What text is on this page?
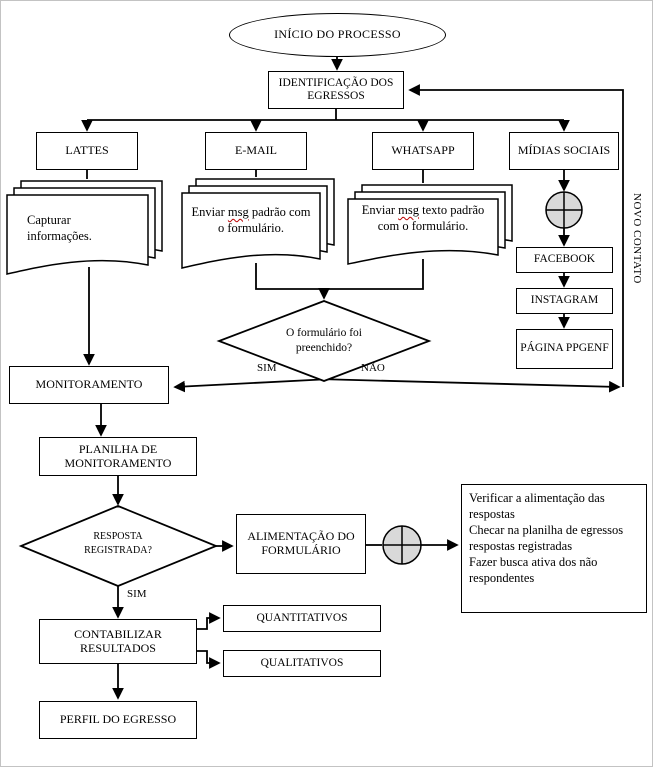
INÍCIO DO PROCESSO
IDENTIFICAÇÃO DOS EGRESSOS
LATTES	E-MAIL	WHATSAPP	MÍDIAS SOCIAIS
Capturar informações.
Enviar msg padrão com o formulário.
Enviar msg texto padrão com o formulário.
FACEBOOK
INSTAGRAM
PÁGINA PPGENF
O formulário foi preenchido?
SIM	NÃO
MONITORAMENTO
PLANILHA DE MONITORAMENTO
RESPOSTA REGISTRADA?
SIM
ALIMENTAÇÃO DO FORMULÁRIO
Verificar a alimentação das respostas
Checar na planilha de egressos respostas registradas
Fazer busca ativa dos não respondentes
CONTABILIZAR RESULTADOS
QUANTITATIVOS
QUALITATIVOS
PERFIL DO EGRESSO
NOVO CONTATO
